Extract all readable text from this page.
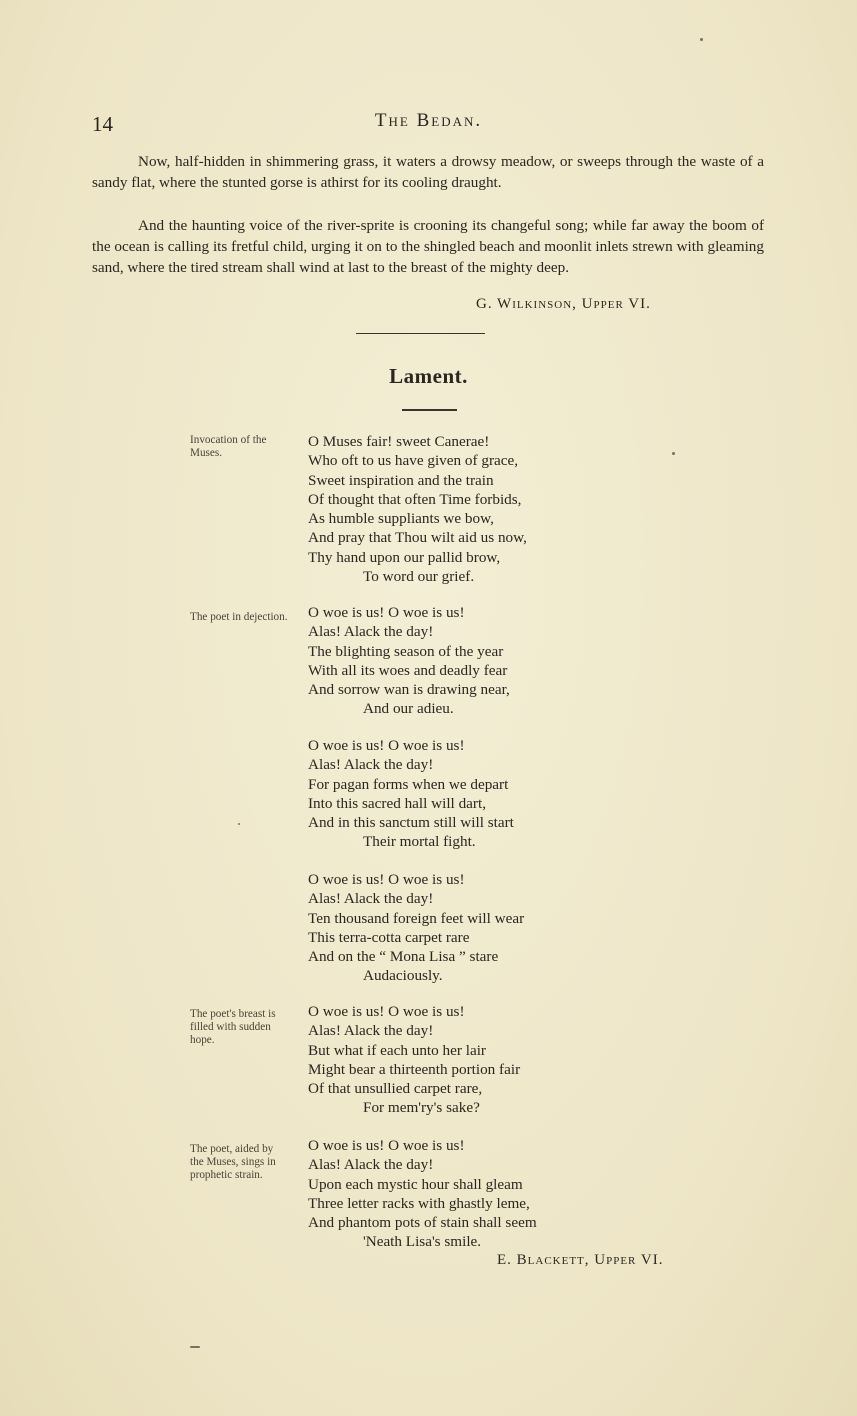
14	The Bedan.

Now, half-hidden in shimmering grass, it waters a drowsy meadow, or sweeps through the waste of a sandy flat, where the stunted gorse is athirst for its cooling draught.

And the haunting voice of the river-sprite is crooning its changeful song; while far away the boom of the ocean is calling its fretful child, urging it on to the shingled beach and moonlit inlets strewn with gleaming sand, where the tired stream shall wind at last to the breast of the mighty deep.

G. Wilkinson, Upper VI.
Lament.
Invocation of the Muses.
The poet in dejection.
The poet's breast is filled with sudden hope.
The poet, aided by the Muses, sings in prophetic strain.
O Muses fair! sweet Canerae!
Who oft to us have given of grace,
Sweet inspiration and the train
Of thought that often Time forbids,
As humble suppliants we bow,
And pray that Thou wilt aid us now,
Thy hand upon our pallid brow,
To word our grief.
O woe is us! O woe is us!
Alas! Alack the day!
The blighting season of the year
With all its woes and deadly fear
And sorrow wan is drawing near,
And our adieu.
O woe is us! O woe is us!
Alas! Alack the day!
For pagan forms when we depart
Into this sacred hall will dart,
And in this sanctum still will start
Their mortal fight.
O woe is us! O woe is us!
Alas! Alack the day!
Ten thousand foreign feet will wear
This terra-cotta carpet rare
And on the “ Mona Lisa ” stare
Audaciously.
O woe is us! O woe is us!
Alas! Alack the day!
But what if each unto her lair
Might bear a thirteenth portion fair
Of that unsullied carpet rare,
For mem'ry's sake?
O woe is us! O woe is us!
Alas! Alack the day!
Upon each mystic hour shall gleam
Three letter racks with ghastly leme,
And phantom pots of stain shall seem
'Neath Lisa's smile.
E. Blackett, Upper VI.
